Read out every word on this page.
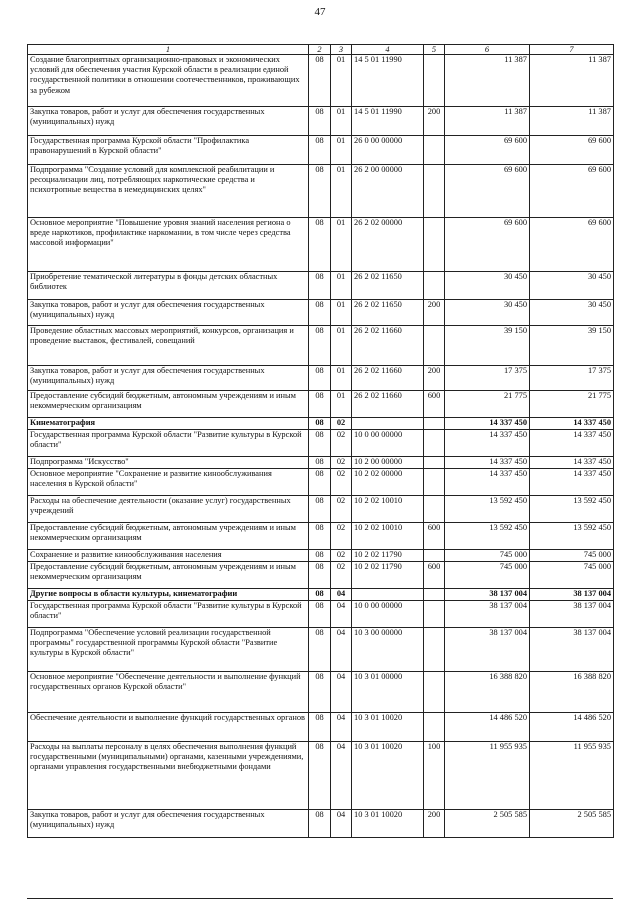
47
1	2	3	4	5	6	7
Создание благоприятных организационно-правовых и экономических условий для обеспечения участия Курской области в реализации единой государственной политики в отношении соотечественников, проживающих за рубежом	08	01	14 5 01 11990		11 387	11 387
Закупка товаров, работ и услуг для обеспечения государственных (муниципальных) нужд	08	01	14 5 01 11990	200	11 387	11 387
Государственная программа Курской области "Профилактика правонарушений в Курской области"	08	01	26 0 00 00000		69 600	69 600
Подпрограмма "Создание условий для комплексной реабилитации и ресоциализации лиц, потребляющих наркотические средства и психотропные вещества в немедицинских целях"	08	01	26 2 00 00000		69 600	69 600
Основное мероприятие "Повышение уровня знаний населения региона о вреде наркотиков, профилактике наркомании, в том числе через средства массовой информации"	08	01	26 2 02 00000		69 600	69 600
Приобретение тематической литературы в фонды детских областных библиотек	08	01	26 2 02 11650		30 450	30 450
Закупка товаров, работ и услуг для обеспечения государственных (муниципальных) нужд	08	01	26 2 02 11650	200	30 450	30 450
Проведение областных массовых мероприятий, конкурсов, организация и проведение выставок, фестивалей, совещаний	08	01	26 2 02 11660		39 150	39 150
Закупка товаров, работ и услуг для обеспечения государственных (муниципальных) нужд	08	01	26 2 02 11660	200	17 375	17 375
Предоставление субсидий бюджетным, автономным учреждениям и иным некоммерческим организациям	08	01	26 2 02 11660	600	21 775	21 775
Кинематография	08	02			14 337 450	14 337 450
Государственная программа Курской области "Развитие культуры в Курской области"	08	02	10 0 00 00000		14 337 450	14 337 450
Подпрограмма "Искусство"	08	02	10 2 00 00000		14 337 450	14 337 450
Основное мероприятие "Сохранение и развитие кинообслуживания населения в Курской области"	08	02	10 2 02 00000		14 337 450	14 337 450
Расходы на обеспечение деятельности (оказание услуг) государственных учреждений	08	02	10 2 02 10010		13 592 450	13 592 450
Предоставление субсидий бюджетным, автономным учреждениям и иным некоммерческим организациям	08	02	10 2 02 10010	600	13 592 450	13 592 450
Сохранение и развитие кинообслуживания населения	08	02	10 2 02 11790		745 000	745 000
Предоставление субсидий бюджетным, автономным учреждениям и иным некоммерческим организациям	08	02	10 2 02 11790	600	745 000	745 000
Другие вопросы в области культуры, кинематографии	08	04			38 137 004	38 137 004
Государственная программа Курской области "Развитие культуры в Курской области"	08	04	10 0 00 00000		38 137 004	38 137 004
Подпрограмма "Обеспечение условий реализации государственной программы" государственной программы Курской области "Развитие культуры в Курской области"	08	04	10 3 00 00000		38 137 004	38 137 004
Основное мероприятие "Обеспечение деятельности и выполнение функций государственных органов Курской области"	08	04	10 3 01 00000		16 388 820	16 388 820
Обеспечение деятельности и выполнение функций государственных органов	08	04	10 3 01 10020		14 486 520	14 486 520
Расходы на выплаты персоналу в целях обеспечения выполнения функций государственными (муниципальными) органами, казенными учреждениями, органами управления государственными внебюджетными фондами	08	04	10 3 01 10020	100	11 955 935	11 955 935
Закупка товаров, работ и услуг для обеспечения государственных (муниципальных) нужд	08	04	10 3 01 10020	200	2 505 585	2 505 585
